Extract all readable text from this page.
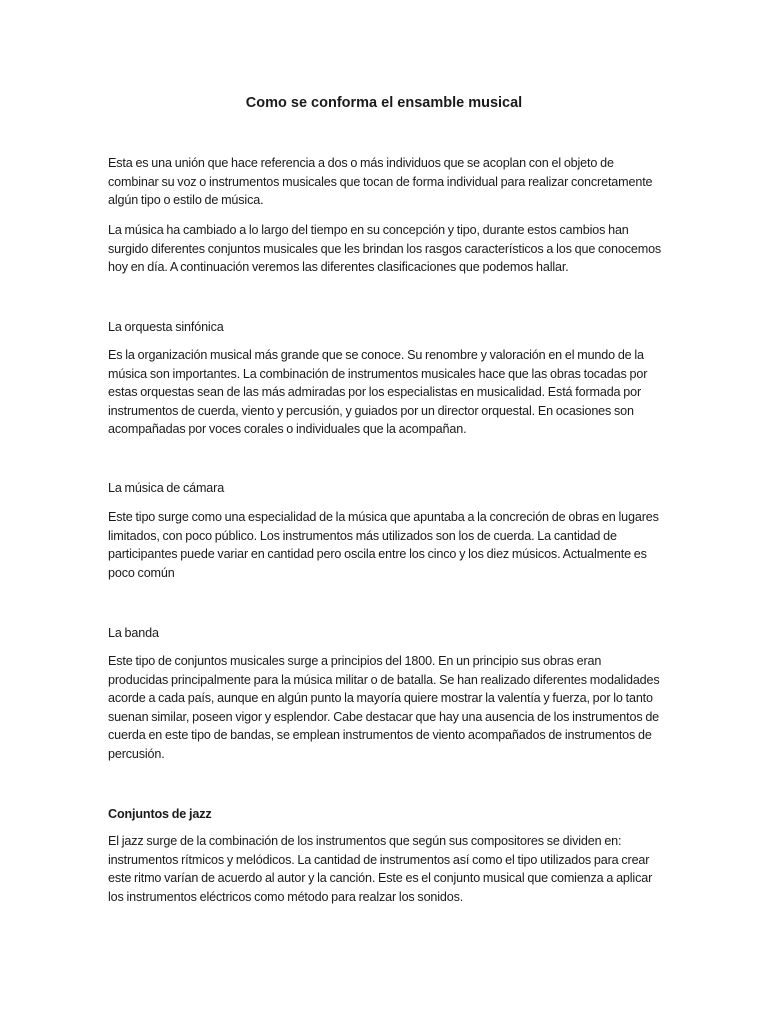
Como se conforma el ensamble musical

Esta es una unión que hace referencia a dos o más individuos que se acoplan con el objeto de combinar su voz o instrumentos musicales que tocan de forma individual para realizar concretamente algún tipo o estilo de música.

La música ha cambiado a lo largo del tiempo en su concepción y tipo, durante estos cambios han surgido diferentes conjuntos musicales que les brindan los rasgos característicos a los que conocemos hoy en día. A continuación veremos las diferentes clasificaciones que podemos hallar.

La orquesta sinfónica

Es la organización musical más grande que se conoce. Su renombre y valoración en el mundo de la música son importantes. La combinación de instrumentos musicales hace que las obras tocadas por estas orquestas sean de las más admiradas por los especialistas en musicalidad. Está formada por instrumentos de cuerda, viento y percusión, y guiados por un director orquestal. En ocasiones son acompañadas por voces corales o individuales que la acompañan.

La música de cámara

Este tipo surge como una especialidad de la música que apuntaba a la concreción de obras en lugares limitados, con poco público. Los instrumentos más utilizados son los de cuerda. La cantidad de participantes puede variar en cantidad pero oscila entre los cinco y los diez músicos. Actualmente es poco común

La banda

Este tipo de conjuntos musicales surge a principios del 1800. En un principio sus obras eran producidas principalmente para la música militar o de batalla. Se han realizado diferentes modalidades acorde a cada país, aunque en algún punto la mayoría quiere mostrar la valentía y fuerza, por lo tanto suenan similar, poseen vigor y esplendor. Cabe destacar que hay una ausencia de los instrumentos de cuerda en este tipo de bandas, se emplean instrumentos de viento acompañados de instrumentos de percusión.

Conjuntos de jazz

El jazz surge de la combinación de los instrumentos que según sus compositores se dividen en: instrumentos rítmicos y melódicos. La cantidad de instrumentos así como el tipo utilizados para crear este ritmo varían de acuerdo al autor y la canción. Este es el conjunto musical que comienza a aplicar los instrumentos eléctricos como método para realzar los sonidos.
